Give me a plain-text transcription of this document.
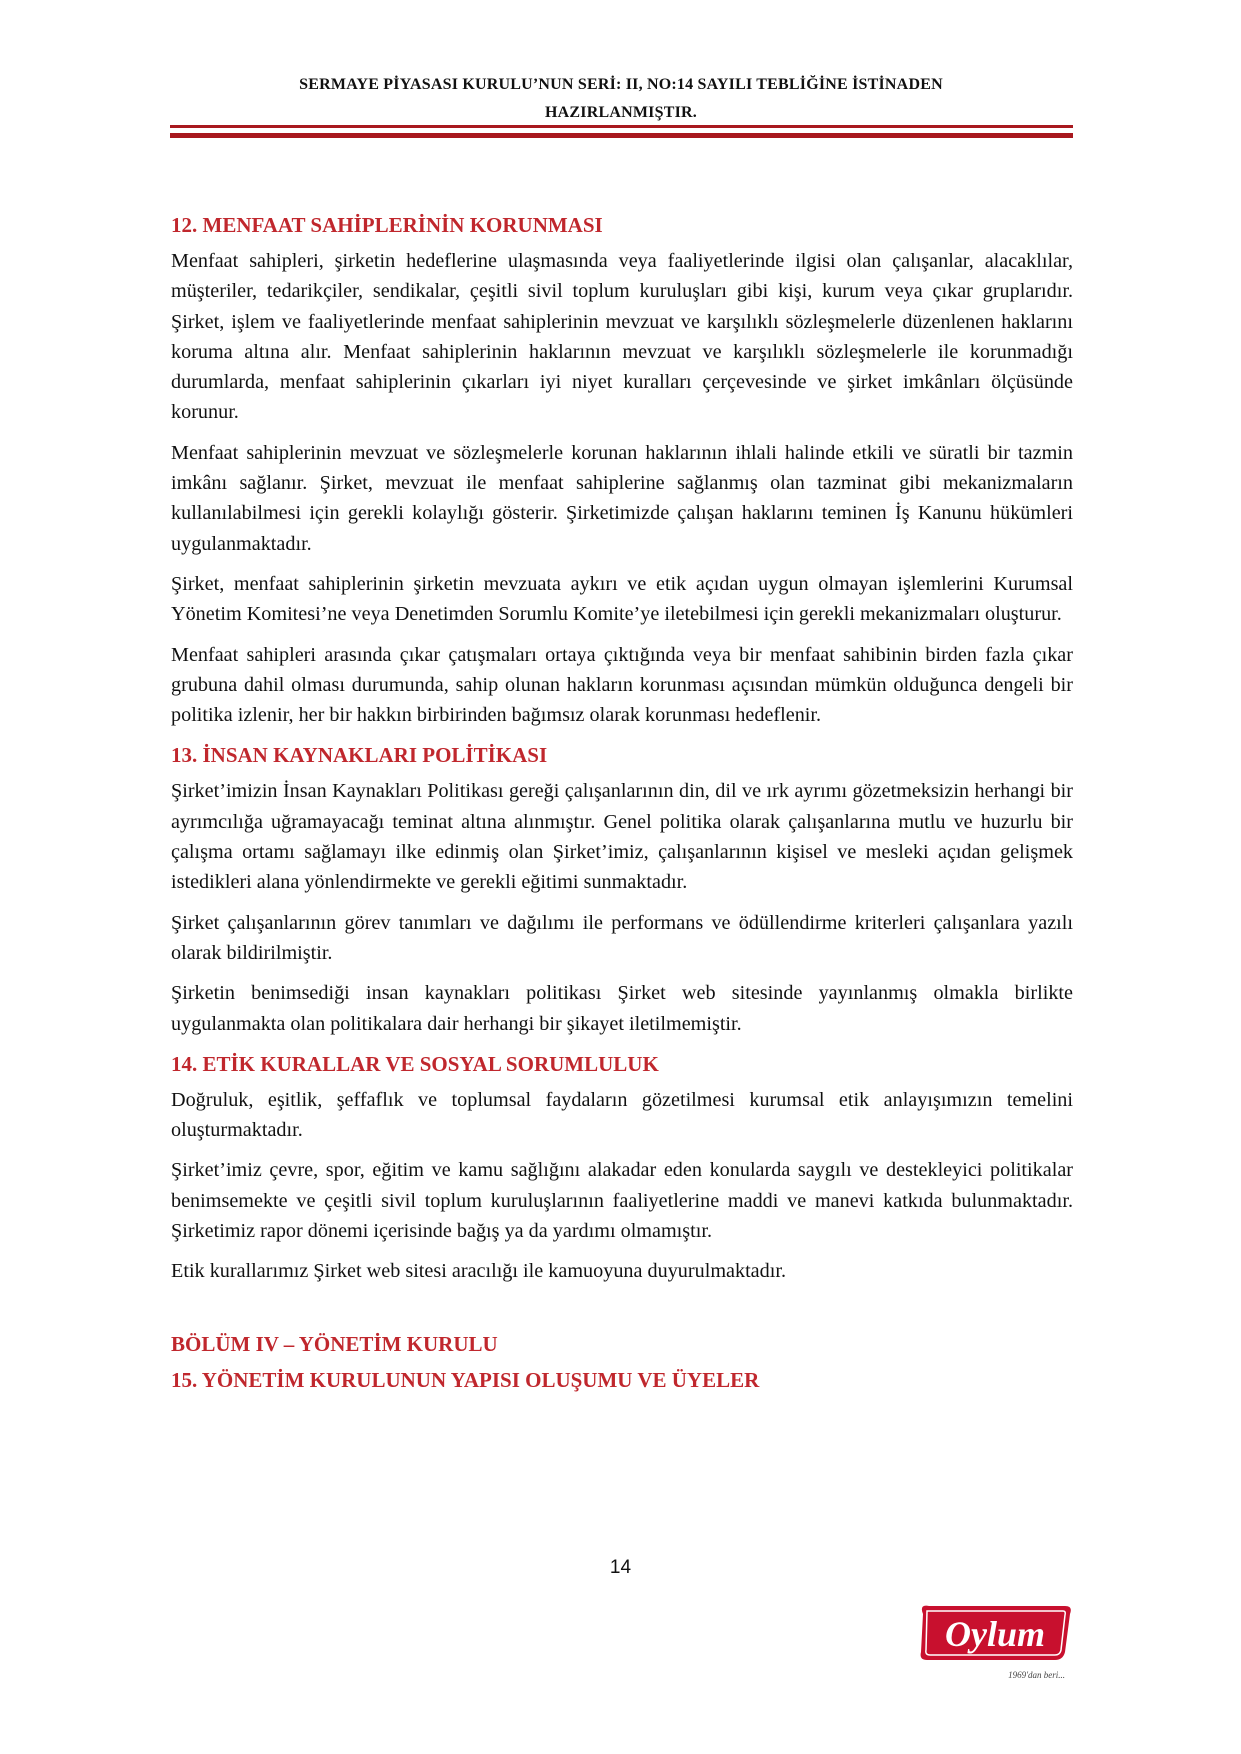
SERMAYE PİYASASI KURULU’NUN SERİ: II, NO:14 SAYILI TEBLİĞİNE İSTİNADEN
HAZIRLANMIŞTIR.
12. MENFAAT SAHİPLERİNİN KORUNMASI

Menfaat sahipleri, şirketin hedeflerine ulaşmasında veya faaliyetlerinde ilgisi olan çalışanlar, alacaklılar, müşteriler, tedarikçiler, sendikalar, çeşitli sivil toplum kuruluşları gibi kişi, kurum veya çıkar gruplarıdır. Şirket, işlem ve faaliyetlerinde menfaat sahiplerinin mevzuat ve karşılıklı sözleşmelerle düzenlenen haklarını koruma altına alır. Menfaat sahiplerinin haklarının mevzuat ve karşılıklı sözleşmelerle ile korunmadığı durumlarda, menfaat sahiplerinin çıkarları iyi niyet kuralları çerçevesinde ve şirket imkânları ölçüsünde korunur.

Menfaat sahiplerinin mevzuat ve sözleşmelerle korunan haklarının ihlali halinde etkili ve süratli bir tazmin imkânı sağlanır. Şirket, mevzuat ile menfaat sahiplerine sağlanmış olan tazminat gibi mekanizmaların kullanılabilmesi için gerekli kolaylığı gösterir. Şirketimizde çalışan haklarını teminen İş Kanunu hükümleri uygulanmaktadır.

Şirket, menfaat sahiplerinin şirketin mevzuata aykırı ve etik açıdan uygun olmayan işlemlerini Kurumsal Yönetim Komitesi’ne veya Denetimden Sorumlu Komite’ye iletebilmesi için gerekli mekanizmaları oluşturur.

Menfaat sahipleri arasında çıkar çatışmaları ortaya çıktığında veya bir menfaat sahibinin birden fazla çıkar grubuna dahil olması durumunda, sahip olunan hakların korunması açısından mümkün olduğunca dengeli bir politika izlenir, her bir hakkın birbirinden bağımsız olarak korunması hedeflenir.

13. İNSAN KAYNAKLARI POLİTİKASI

Şirket’imizin İnsan Kaynakları Politikası gereği çalışanlarının din, dil ve ırk ayrımı gözetmeksizin herhangi bir ayrımcılığa uğramayacağı teminat altına alınmıştır. Genel politika olarak çalışanlarına mutlu ve huzurlu bir çalışma ortamı sağlamayı ilke edinmiş olan Şirket’imiz, çalışanlarının kişisel ve mesleki açıdan gelişmek istedikleri alana yönlendirmekte ve gerekli eğitimi sunmaktadır.

Şirket çalışanlarının görev tanımları ve dağılımı ile performans ve ödüllendirme kriterleri çalışanlara yazılı olarak bildirilmiştir.

Şirketin benimsediği insan kaynakları politikası Şirket web sitesinde yayınlanmış olmakla birlikte uygulanmakta olan politikalara dair herhangi bir şikayet iletilmemiştir.

14. ETİK KURALLAR VE SOSYAL SORUMLULUK

Doğruluk, eşitlik, şeffaflık ve toplumsal faydaların gözetilmesi kurumsal etik anlayışımızın temelini oluşturmaktadır.

Şirket’imiz çevre, spor, eğitim ve kamu sağlığını alakadar eden konularda saygılı ve destekleyici politikalar benimsemekte ve çeşitli sivil toplum kuruluşlarının faaliyetlerine maddi ve manevi katkıda bulunmaktadır. Şirketimiz rapor dönemi içerisinde bağış ya da yardımı olmamıştır.

Etik kurallarımız Şirket web sitesi aracılığı ile kamuoyuna duyurulmaktadır.

BÖLÜM IV – YÖNETİM KURULU
15. YÖNETİM KURULUNUN YAPISI OLUŞUMU VE ÜYELER
14
Oylum
1969'dan beri...
